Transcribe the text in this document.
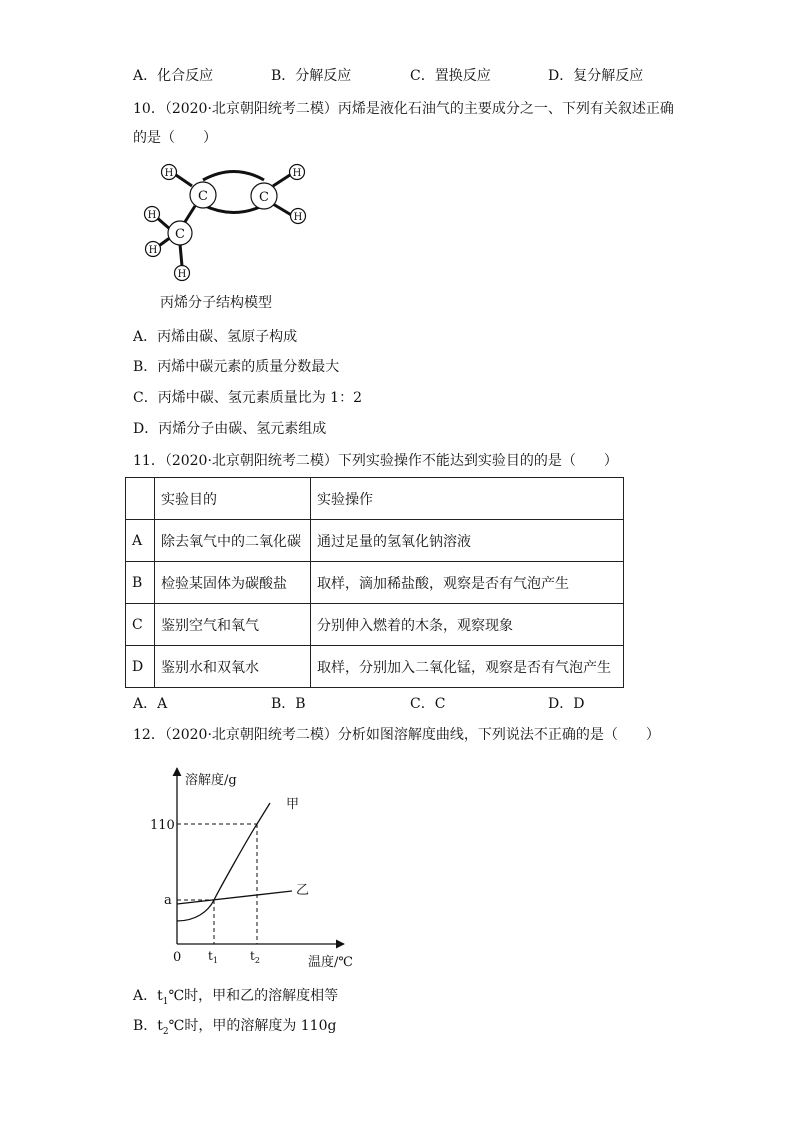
A．化合反应	B．分解反应	C．置换反应	D．复分解反应
10．（2020·北京朝阳统考二模）丙烯是液化石油气的主要成分之一、下列有关叙述正确
的是（　　）
C	C
C
H	H
H
H
H
H
丙烯分子结构模型
A．丙烯由碳、氢原子构成
B．丙烯中碳元素的质量分数最大
C．丙烯中碳、氢元素质量比为 1：2
D．丙烯分子由碳、氢元素组成
11．（2020·北京朝阳统考二模）下列实验操作不能达到实验目的的是（　　）
	实验目的	实验操作
A	除去氧气中的二氧化碳	通过足量的氢氧化钠溶液
B	检验某固体为碳酸盐	取样，滴加稀盐酸，观察是否有气泡产生
C	鉴别空气和氧气	分别伸入燃着的木条，观察现象
D	鉴别水和双氧水	取样，分别加入二氧化锰，观察是否有气泡产生
A．A	B．B	C．C	D．D
12．（2020·北京朝阳统考二模）分析如图溶解度曲线，下列说法不正确的是（　　）
溶解度/g
温度/℃
0
110
a
$t_1$	$t_2$
甲
乙
A．$t_1℃$时，甲和乙的溶解度相等
B．$t_2℃$时，甲的溶解度为 110g
